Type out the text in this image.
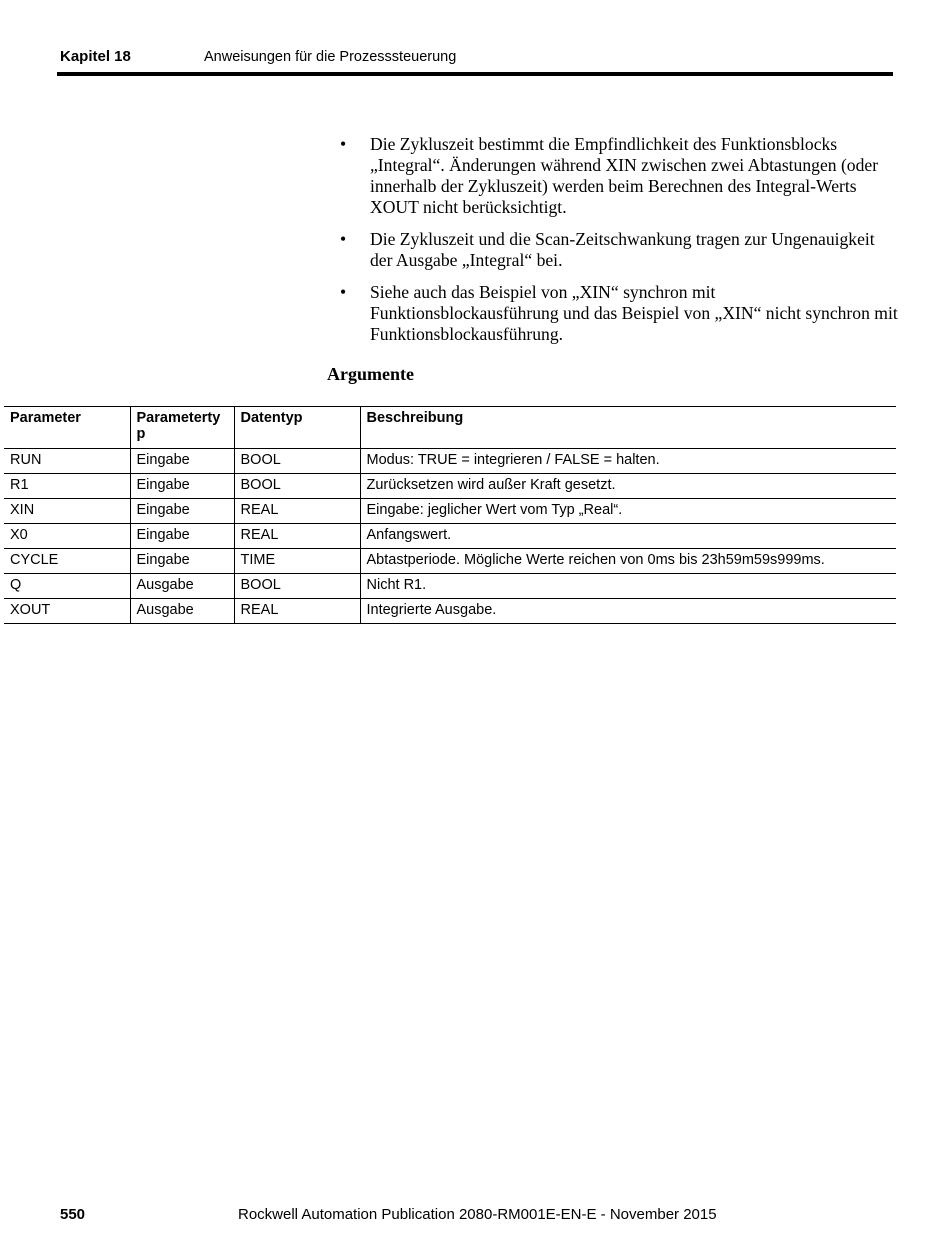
Kapitel 18	Anweisungen für die Prozesssteuerung
• Die Zykluszeit bestimmt die Empfindlichkeit des Funktionsblocks „Integral“. Änderungen während XIN zwischen zwei Abtastungen (oder innerhalb der Zykluszeit) werden beim Berechnen des Integral-Werts XOUT nicht berücksichtigt.
• Die Zykluszeit und die Scan-Zeitschwankung tragen zur Ungenauigkeit der Ausgabe „Integral“ bei.
• Siehe auch das Beispiel von „XIN“ synchron mit Funktionsblockausführung und das Beispiel von „XIN“ nicht synchron mit Funktionsblockausführung.
Argumente
Parameter	Parametertyp	Datentyp	Beschreibung
RUN	Eingabe	BOOL	Modus: TRUE = integrieren / FALSE = halten.
R1	Eingabe	BOOL	Zurücksetzen wird außer Kraft gesetzt.
XIN	Eingabe	REAL	Eingabe: jeglicher Wert vom Typ „Real“.
X0	Eingabe	REAL	Anfangswert.
CYCLE	Eingabe	TIME	Abtastperiode. Mögliche Werte reichen von 0ms bis 23h59m59s999ms.
Q	Ausgabe	BOOL	Nicht R1.
XOUT	Ausgabe	REAL	Integrierte Ausgabe.
550	Rockwell Automation Publication 2080-RM001E-EN-E - November 2015
